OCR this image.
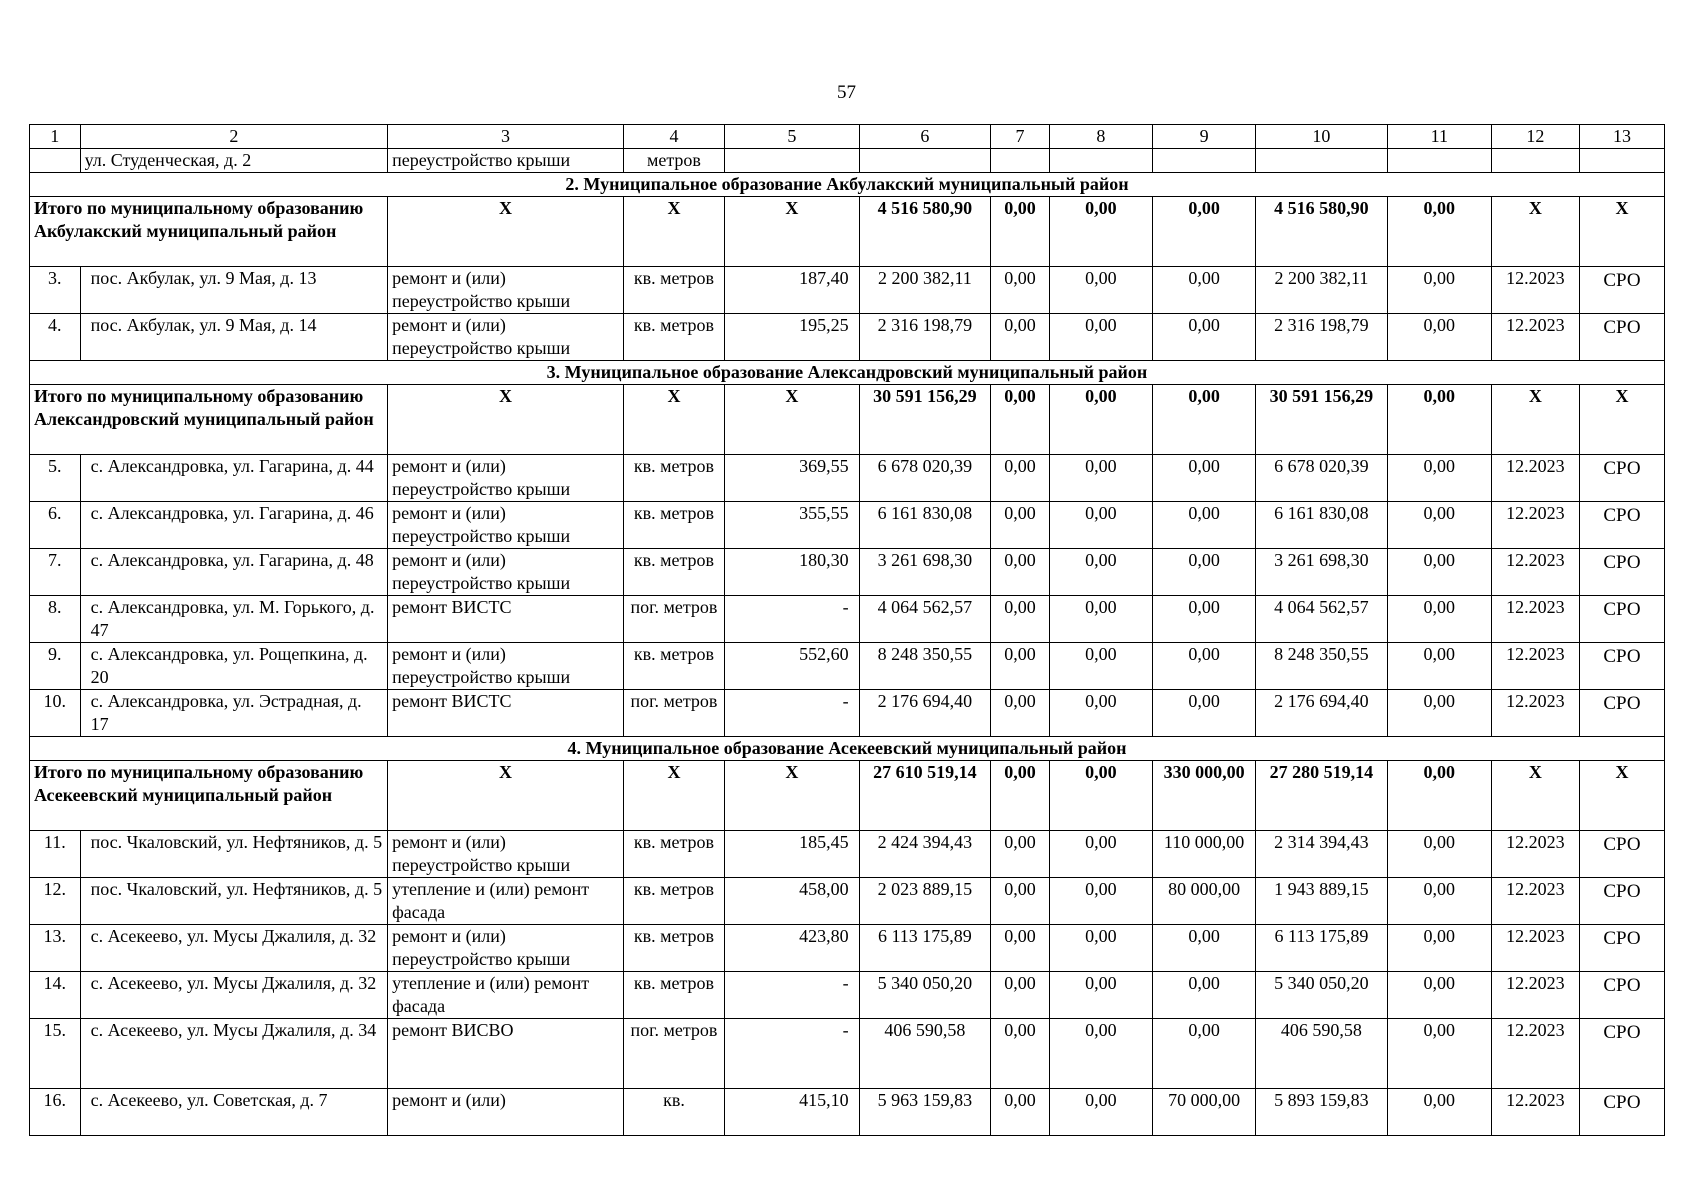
57
1	2	3	4	5	6	7	8	9	10	11	12	13
	ул. Студенческая, д. 2	переустройство крыши	метров									
2. Муниципальное образование Акбулакский муниципальный район												
Итого по муниципальному образованию Акбулакский муниципальный район		X	X	X	4 516 580,90	0,00	0,00	0,00	4 516 580,90	0,00	X	X
3.	пос. Акбулак, ул. 9 Мая, д. 13	ремонт и (или) переустройство крыши	кв. метров	187,40	2 200 382,11	0,00	0,00	0,00	2 200 382,11	0,00	12.2023	СРО
4.	пос. Акбулак, ул. 9 Мая, д. 14	ремонт и (или) переустройство крыши	кв. метров	195,25	2 316 198,79	0,00	0,00	0,00	2 316 198,79	0,00	12.2023	СРО
3. Муниципальное образование Александровский муниципальный район												
Итого по муниципальному образованию Александровский муниципальный район		X	X	X	30 591 156,29	0,00	0,00	0,00	30 591 156,29	0,00	X	X
5.	с. Александровка, ул. Гагарина, д. 44	ремонт и (или) переустройство крыши	кв. метров	369,55	6 678 020,39	0,00	0,00	0,00	6 678 020,39	0,00	12.2023	СРО
6.	с. Александровка, ул. Гагарина, д. 46	ремонт и (или) переустройство крыши	кв. метров	355,55	6 161 830,08	0,00	0,00	0,00	6 161 830,08	0,00	12.2023	СРО
7.	с. Александровка, ул. Гагарина, д. 48	ремонт и (или) переустройство крыши	кв. метров	180,30	3 261 698,30	0,00	0,00	0,00	3 261 698,30	0,00	12.2023	СРО
8.	с. Александровка, ул. М. Горького, д. 47	ремонт ВИСТС	пог. метров	-	4 064 562,57	0,00	0,00	0,00	4 064 562,57	0,00	12.2023	СРО
9.	с. Александровка, ул. Рощепкина, д. 20	ремонт и (или) переустройство крыши	кв. метров	552,60	8 248 350,55	0,00	0,00	0,00	8 248 350,55	0,00	12.2023	СРО
10.	с. Александровка, ул. Эстрадная, д. 17	ремонт ВИСТС	пог. метров	-	2 176 694,40	0,00	0,00	0,00	2 176 694,40	0,00	12.2023	СРО
4. Муниципальное образование Асекеевский муниципальный район												
Итого по муниципальному образованию Асекеевский муниципальный район		X	X	X	27 610 519,14	0,00	0,00	330 000,00	27 280 519,14	0,00	X	X
11.	пос. Чкаловский, ул. Нефтяников, д. 5	ремонт и (или) переустройство крыши	кв. метров	185,45	2 424 394,43	0,00	0,00	110 000,00	2 314 394,43	0,00	12.2023	СРО
12.	пос. Чкаловский, ул. Нефтяников, д. 5	утепление и (или) ремонт фасада	кв. метров	458,00	2 023 889,15	0,00	0,00	80 000,00	1 943 889,15	0,00	12.2023	СРО
13.	с. Асекеево, ул. Мусы Джалиля, д. 32	ремонт и (или) переустройство крыши	кв. метров	423,80	6 113 175,89	0,00	0,00	0,00	6 113 175,89	0,00	12.2023	СРО
14.	с. Асекеево, ул. Мусы Джалиля, д. 32	утепление и (или) ремонт фасада	кв. метров	-	5 340 050,20	0,00	0,00	0,00	5 340 050,20	0,00	12.2023	СРО
15.	с. Асекеево, ул. Мусы Джалиля, д. 34	ремонт ВИСВО	пог. метров	-	406 590,58	0,00	0,00	0,00	406 590,58	0,00	12.2023	СРО
16.	с. Асекеево, ул. Советская, д. 7	ремонт и (или)	кв.	415,10	5 963 159,83	0,00	0,00	70 000,00	5 893 159,83	0,00	12.2023	СРО
